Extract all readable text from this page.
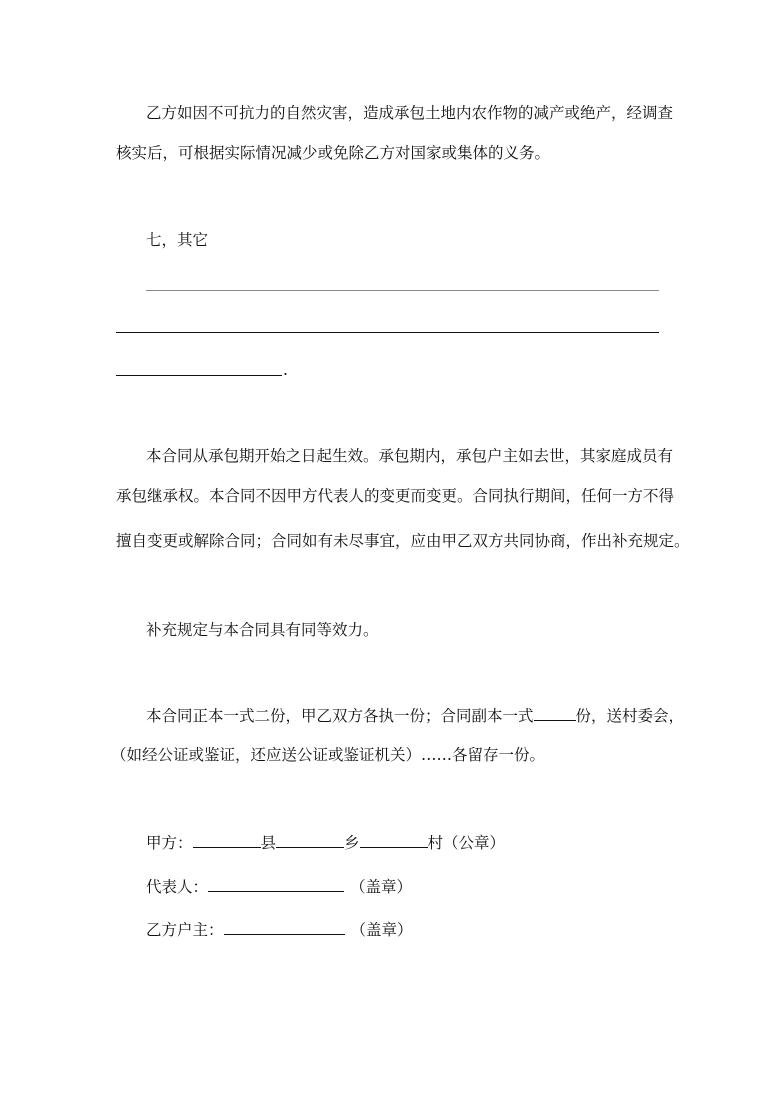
乙方如因不可抗力的自然灾害，造成承包土地内农作物的减产或绝产，经调查
核实后，可根据实际情况减少或免除乙方对国家或集体的义务。
七，其它
.
本合同从承包期开始之日起生效。承包期内，承包户主如去世，其家庭成员有
承包继承权。本合同不因甲方代表人的变更而变更。合同执行期间，任何一方不得
擅自变更或解除合同；合同如有未尽事宜，应由甲乙双方共同协商，作出补充规定。
补充规定与本合同具有同等效力。
本合同正本一式二份，甲乙双方各执一份；合同副本一式	份，送村委会，
（如经公证或鉴证，还应送公证或鉴证机关）……各留存一份。
甲方：	县	乡	村（公章）
代表人：	（盖章）
乙方户主：	（盖章）
